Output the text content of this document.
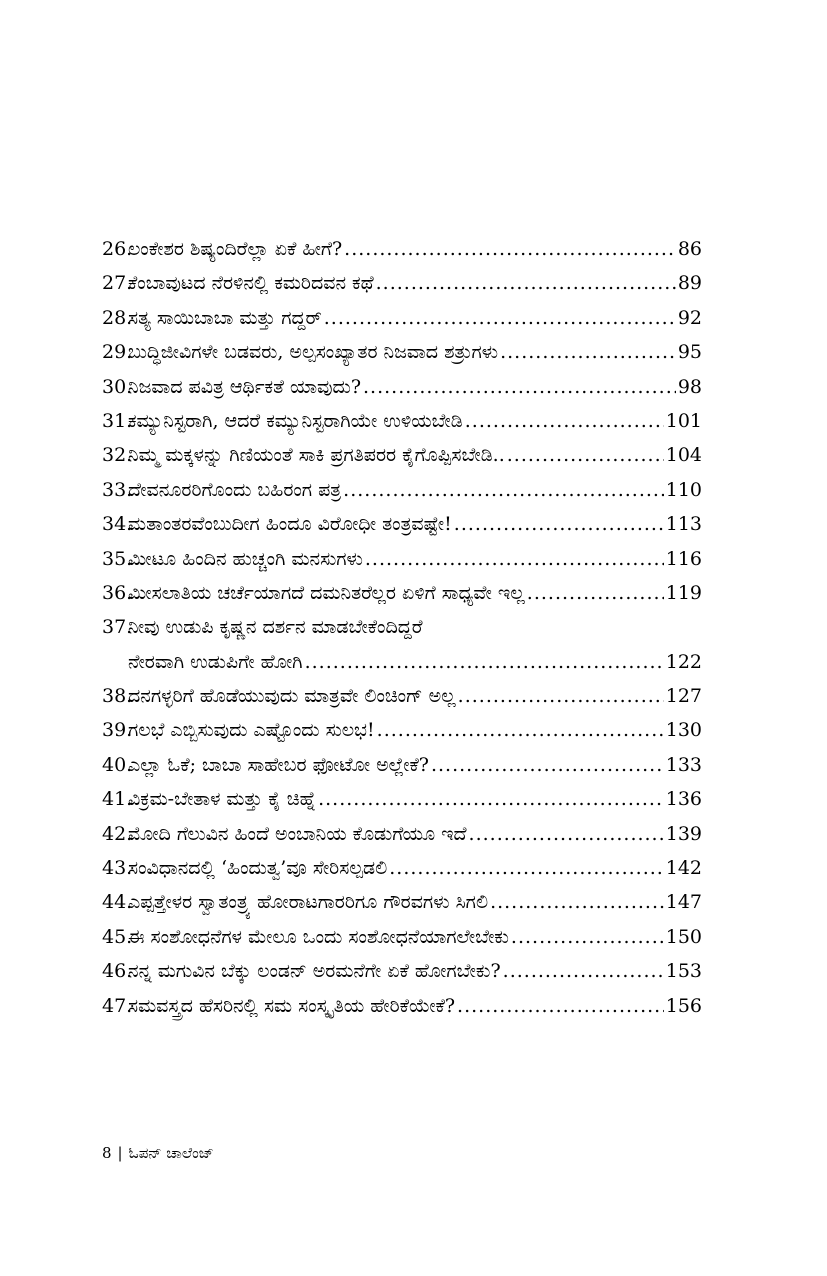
26.
ಲಂಕೇಶರ ಶಿಷ್ಯಂದಿರೆಲ್ಲಾ ಏಕೆ ಹೀಗೆ? .....	86
27.
ಕೆಂಬಾವುಟದ ನೆರಳಿನಲ್ಲಿ ಕಮರಿದವನ ಕಥೆ .....	89
28.
ಸತ್ಯ ಸಾಯಿಬಾಬಾ ಮತ್ತು ಗದ್ದರ್ .....	92
29.
ಬುದ್ಧಿಜೀವಿಗಳೇ ಬಡವರು, ಅಲ್ಪಸಂಖ್ಯಾತರ ನಿಜವಾದ ಶತ್ರುಗಳು .....	95
30.
ನಿಜವಾದ ಪವಿತ್ರ ಆರ್ಥಿಕತೆ ಯಾವುದು? .....	98
31.
ಕಮ್ಯುನಿಸ್ಟರಾಗಿ, ಆದರೆ ಕಮ್ಯುನಿಸ್ಟರಾಗಿಯೇ ಉಳಿಯಬೇಡಿ .....	101
32.
ನಿಮ್ಮ ಮಕ್ಕಳನ್ನು ಗಿಣಿಯಂತೆ ಸಾಕಿ ಪ್ರಗತಿಪರರ ಕೈಗೊಪ್ಪಿಸಬೇಡಿ.. .....	104
33.
ದೇವನೂರರಿಗೊಂದು ಬಹಿರಂಗ ಪತ್ರ .....	110
34.
ಮತಾಂತರವೆಂಬುದೀಗ ಹಿಂದೂ ವಿರೋಧೀ ತಂತ್ರವಷ್ಟೇ! .....	113
35.
ಮೀಟೂ ಹಿಂದಿನ ಹುಚ್ಚಂಗಿ ಮನಸುಗಳು .....	116
36.
ಮೀಸಲಾತಿಯ ಚರ್ಚೆಯಾಗದೆ ದಮನಿತರೆಲ್ಲರ ಏಳಿಗೆ ಸಾಧ್ಯವೇ ಇಲ್ಲ .....	119
37.
ನೀವು ಉಡುಪಿ ಕೃಷ್ಣನ ದರ್ಶನ ಮಾಡಬೇಕೆಂದಿದ್ದರೆ
ನೇರವಾಗಿ ಉಡುಪಿಗೇ ಹೋಗಿ .....	122
38.
ದನಗಳ್ಳರಿಗೆ ಹೊಡೆಯುವುದು ಮಾತ್ರವೇ ಲಿಂಚಿಂಗ್ ಅಲ್ಲ .....	127
39.
ಗಲಭೆ ಎಬ್ಬಿಸುವುದು ಎಷ್ಟೊಂದು ಸುಲಭ! .....	130
40.
ಎಲ್ಲಾ ಓಕೆ; ಬಾಬಾ ಸಾಹೇಬರ ಫೋಟೋ ಅಲ್ಲೇಕೆ? .....	133
41.
ವಿಕ್ರಮ-ಬೇತಾಳ ಮತ್ತು ಕೈ ಚಿಹ್ನೆ .....	136
42.
ಮೋದಿ ಗೆಲುವಿನ ಹಿಂದೆ ಅಂಬಾನಿಯ ಕೊಡುಗೆಯೂ ಇದೆ .....	139
43.
ಸಂವಿಧಾನದಲ್ಲಿ ‘ಹಿಂದುತ್ವ’ವೂ ಸೇರಿಸಲ್ಪಡಲಿ .....	142
44.
ಎಪ್ಪತ್ತೇಳರ ಸ್ವಾತಂತ್ರ್ಯ ಹೋರಾಟಗಾರರಿಗೂ ಗೌರವಗಳು ಸಿಗಲಿ .....	147
45.
ಈ ಸಂಶೋಧನೆಗಳ ಮೇಲೂ ಒಂದು ಸಂಶೋಧನೆಯಾಗಲೇಬೇಕು .....	150
46.
ನನ್ನ ಮಗುವಿನ ಬೆಕ್ಕು ಲಂಡನ್ ಅರಮನೆಗೇ ಏಕೆ ಹೋಗಬೇಕು? .....	153
47.
ಸಮವಸ್ತ್ರದ ಹೆಸರಿನಲ್ಲಿ ಸಮ ಸಂಸ್ಕೃತಿಯ ಹೇರಿಕೆಯೇಕೆ? .....	156
8 | ಓಪನ್ ಚಾಲೆಂಜ್
